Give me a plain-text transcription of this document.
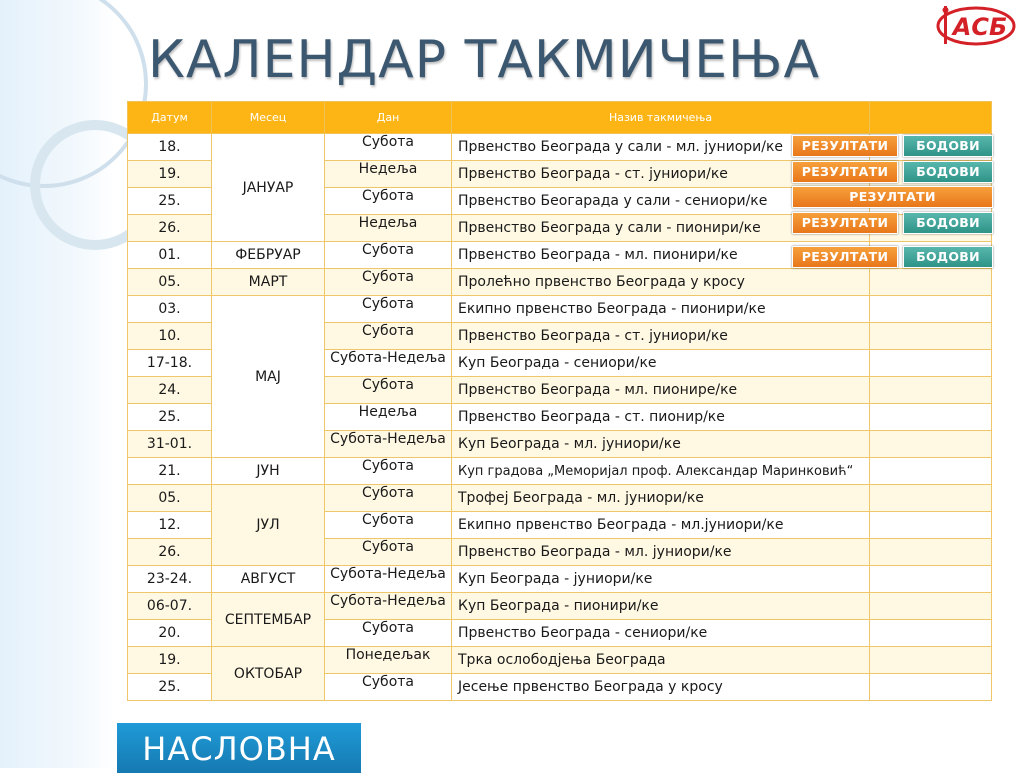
КАЛЕНДАР ТАКМИЧЕЊА
АСБ
Датум	Месец	Дан	Назив такмичења	
18.	ЈАНУАР	Субота	Првенство Београда у сали - мл. јуниори/ке	
19.		Недеља	Првенство Београда - ст. јуниори/ке	
25.		Субота	Првенство Беогарада у сали - сениори/ке	
26.		Недеља	Првенство Београда у сали - пионири/ке	
01.	ФЕБРУАР	Субота	Првенство Београда - мл. пионири/ке	
05.	МАРТ	Субота	Пролећно првенство Београда у кросу	
03.	МАЈ	Субота	Екипно првенство Београда - пионири/ке	
10.		Субота	Првенство Београда - ст. јуниори/ке	
17-18.		Субота-Недеља	Куп Београда - сениори/ке	
24.		Субота	Првенство Београда - мл. пионире/ке	
25.		Недеља	Првенство Београда - ст. пионир/ке	
31-01.		Субота-Недеља	Куп Београда - мл. јуниори/ке	
21.	ЈУН	Субота	Куп градова „Меморијал проф. Александар Маринковић“	
05.	ЈУЛ	Субота	Трофеј Београда - мл. јуниори/ке	
12.		Субота	Екипно првенство Београда - мл.јуниори/ке	
26.		Субота	Првенство Београда - мл. јуниори/ке	
23-24.	АВГУСТ	Субота-Недеља	Куп Београда - јуниори/ке	
06-07.	СЕПТЕМБАР	Субота-Недеља	Куп Београда - пионири/ке	
20.		Субота	Првенство Београда - сениори/ке	
19.	ОКТОБАР	Понедељак	Трка ослободјења Београда	
25.		Субота	Јесење првенство Београда у кросу	
РЕЗУЛТАТИ	БОДОВИ
РЕЗУЛТАТИ	БОДОВИ
РЕЗУЛТАТИ
РЕЗУЛТАТИ	БОДОВИ
РЕЗУЛТАТИ	БОДОВИ
НАСЛОВНА
